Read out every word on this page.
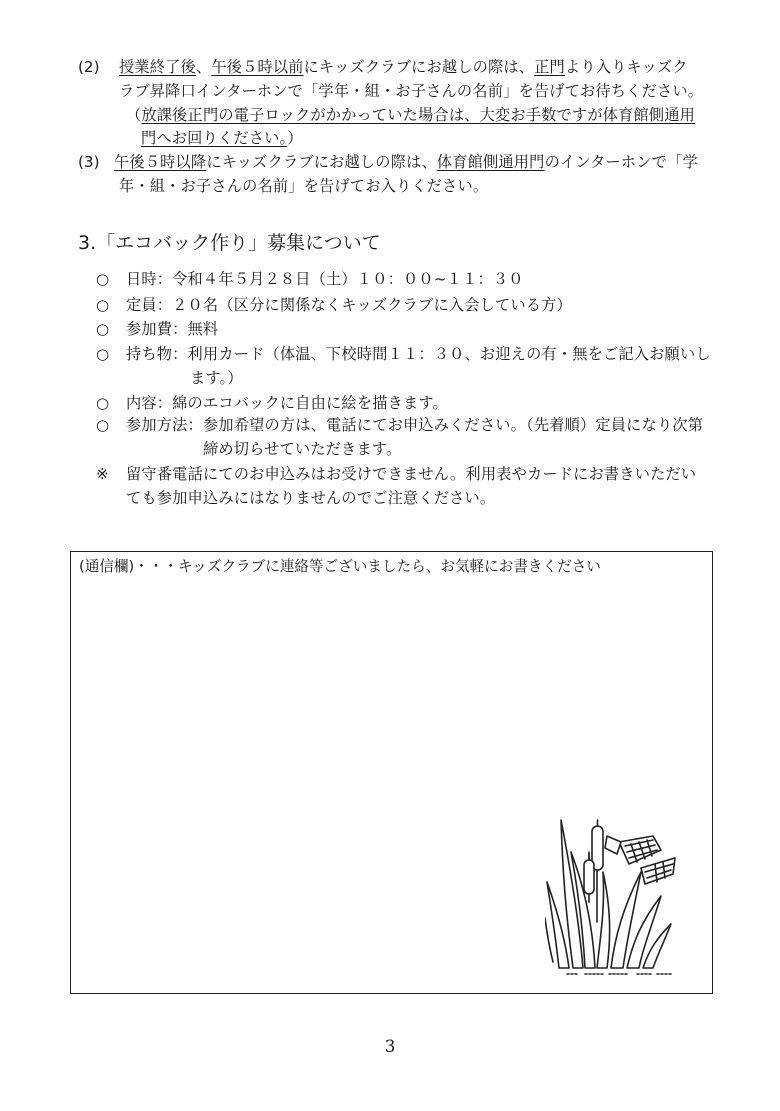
(2) 授業終了後、午後５時以前にキッズクラブにお越しの際は、正門より入りキッズク
ラブ昇降口インターホンで「学年・組・お子さんの名前」を告げてお待ちください。
（放課後正門の電子ロックがかかっていた場合は、大変お手数ですが体育館側通用
門へお回りください。）
(3) 午後５時以降にキッズクラブにお越しの際は、体育館側通用門のインターホンで「学
年・組・お子さんの名前」を告げてお入りください。
3.「エコバック作り」募集について
○ 日時：令和４年５月２８日（土）１０：００~１１：３０
○ 定員：２０名（区分に関係なくキッズクラブに入会している方）
○ 参加費：無料
○ 持ち物：利用カード（体温、下校時間１１：３０、お迎えの有・無をご記入お願いし
ます。）
○ 内容：綿のエコバックに自由に絵を描きます。
○ 参加方法：参加希望の方は、電話にてお申込みください。（先着順）定員になり次第
締め切らせていただきます。
※ 留守番電話にてのお申込みはお受けできません。利用表やカードにお書きいただい
ても参加申込みにはなりませんのでご注意ください。
(通信欄)・・・キッズクラブに連絡等ございましたら、お気軽にお書きください
3
